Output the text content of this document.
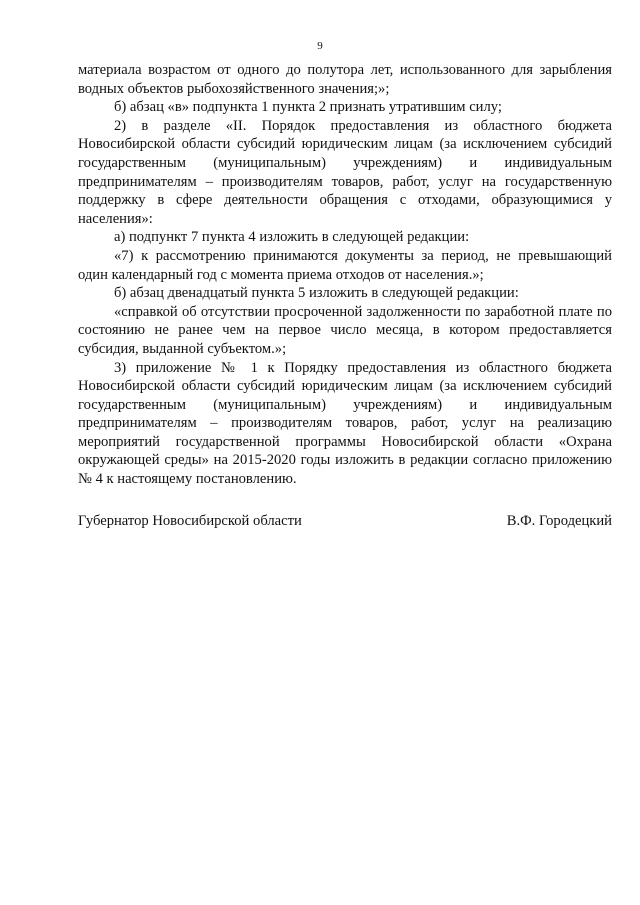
9

материала возрастом от одного до полутора лет, использованного для зарыбления водных объектов рыбохозяйственного значения;»;

б) абзац «в» подпункта 1 пункта 2 признать утратившим силу;

2) в разделе «II. Порядок предоставления из областного бюджета Новосибирской области субсидий юридическим лицам (за исключением субсидий государственным (муниципальным) учреждениям) и индивидуальным предпринимателям – производителям товаров, работ, услуг на государственную поддержку в сфере деятельности обращения с отходами, образующимися у населения»:

а) подпункт 7 пункта 4 изложить в следующей редакции:

«7) к рассмотрению принимаются документы за период, не превышающий один календарный год с момента приема отходов от населения.»;

б) абзац двенадцатый пункта 5 изложить в следующей редакции:

«справкой об отсутствии просроченной задолженности по заработной плате по состоянию не ранее чем на первое число месяца, в котором предоставляется субсидия, выданной субъектом.»;

3) приложение № 1 к Порядку предоставления из областного бюджета Новосибирской области субсидий юридическим лицам (за исключением субсидий государственным (муниципальным) учреждениям) и индивидуальным предпринимателям – производителям товаров, работ, услуг на реализацию мероприятий государственной программы Новосибирской области «Охрана окружающей среды» на 2015-2020 годы изложить в редакции согласно приложению № 4 к настоящему постановлению.

Губернатор Новосибирской области	В.Ф. Городецкий
